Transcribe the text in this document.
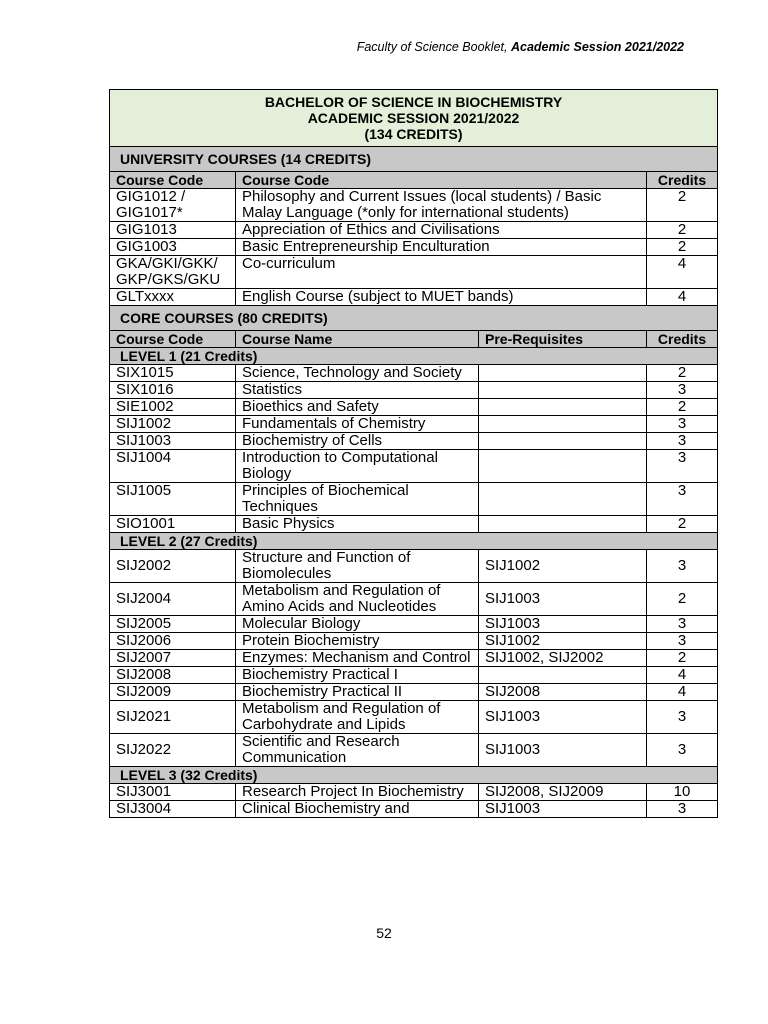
Faculty of Science Booklet, Academic Session 2021/2022
BACHELOR OF SCIENCE IN BIOCHEMISTRY
ACADEMIC SESSION 2021/2022
(134 CREDITS)			

UNIVERSITY COURSES (14 CREDITS)			
Course Code	Course Code		Credits
GIG1012 / GIG1017*	Philosophy and Current Issues (local students) / Basic Malay Language (*only for international students)		2
GIG1013	Appreciation of Ethics and Civilisations		2
GIG1003	Basic Entrepreneurship Enculturation		2
GKA/GKI/GKK/ GKP/GKS/GKU	Co-curriculum		4
GLTxxxx	English Course (subject to MUET bands)		4
CORE COURSES (80 CREDITS)			
Course Code	Course Name	Pre-Requisites	Credits
LEVEL 1 (21 Credits)			
SIX1015	Science, Technology and Society		2
SIX1016	Statistics		3
SIE1002	Bioethics and Safety		2
SIJ1002	Fundamentals of Chemistry		3
SIJ1003	Biochemistry of Cells		3
SIJ1004	Introduction to Computational Biology		3
SIJ1005	Principles of Biochemical Techniques		3
SIO1001	Basic Physics		2
LEVEL 2 (27 Credits)			
SIJ2002	Structure and Function of Biomolecules	SIJ1002	3
SIJ2004	Metabolism and Regulation of Amino Acids and Nucleotides	SIJ1003	2
SIJ2005	Molecular Biology	SIJ1003	3
SIJ2006	Protein Biochemistry	SIJ1002	3
SIJ2007	Enzymes: Mechanism and Control	SIJ1002, SIJ2002	2
SIJ2008	Biochemistry Practical I		4
SIJ2009	Biochemistry Practical II	SIJ2008	4
SIJ2021	Metabolism and Regulation of Carbohydrate and Lipids	SIJ1003	3
SIJ2022	Scientific and Research Communication	SIJ1003	3
LEVEL 3 (32 Credits)			
SIJ3001	Research Project In Biochemistry	SIJ2008, SIJ2009	10
SIJ3004	Clinical Biochemistry and	SIJ1003	3
52
